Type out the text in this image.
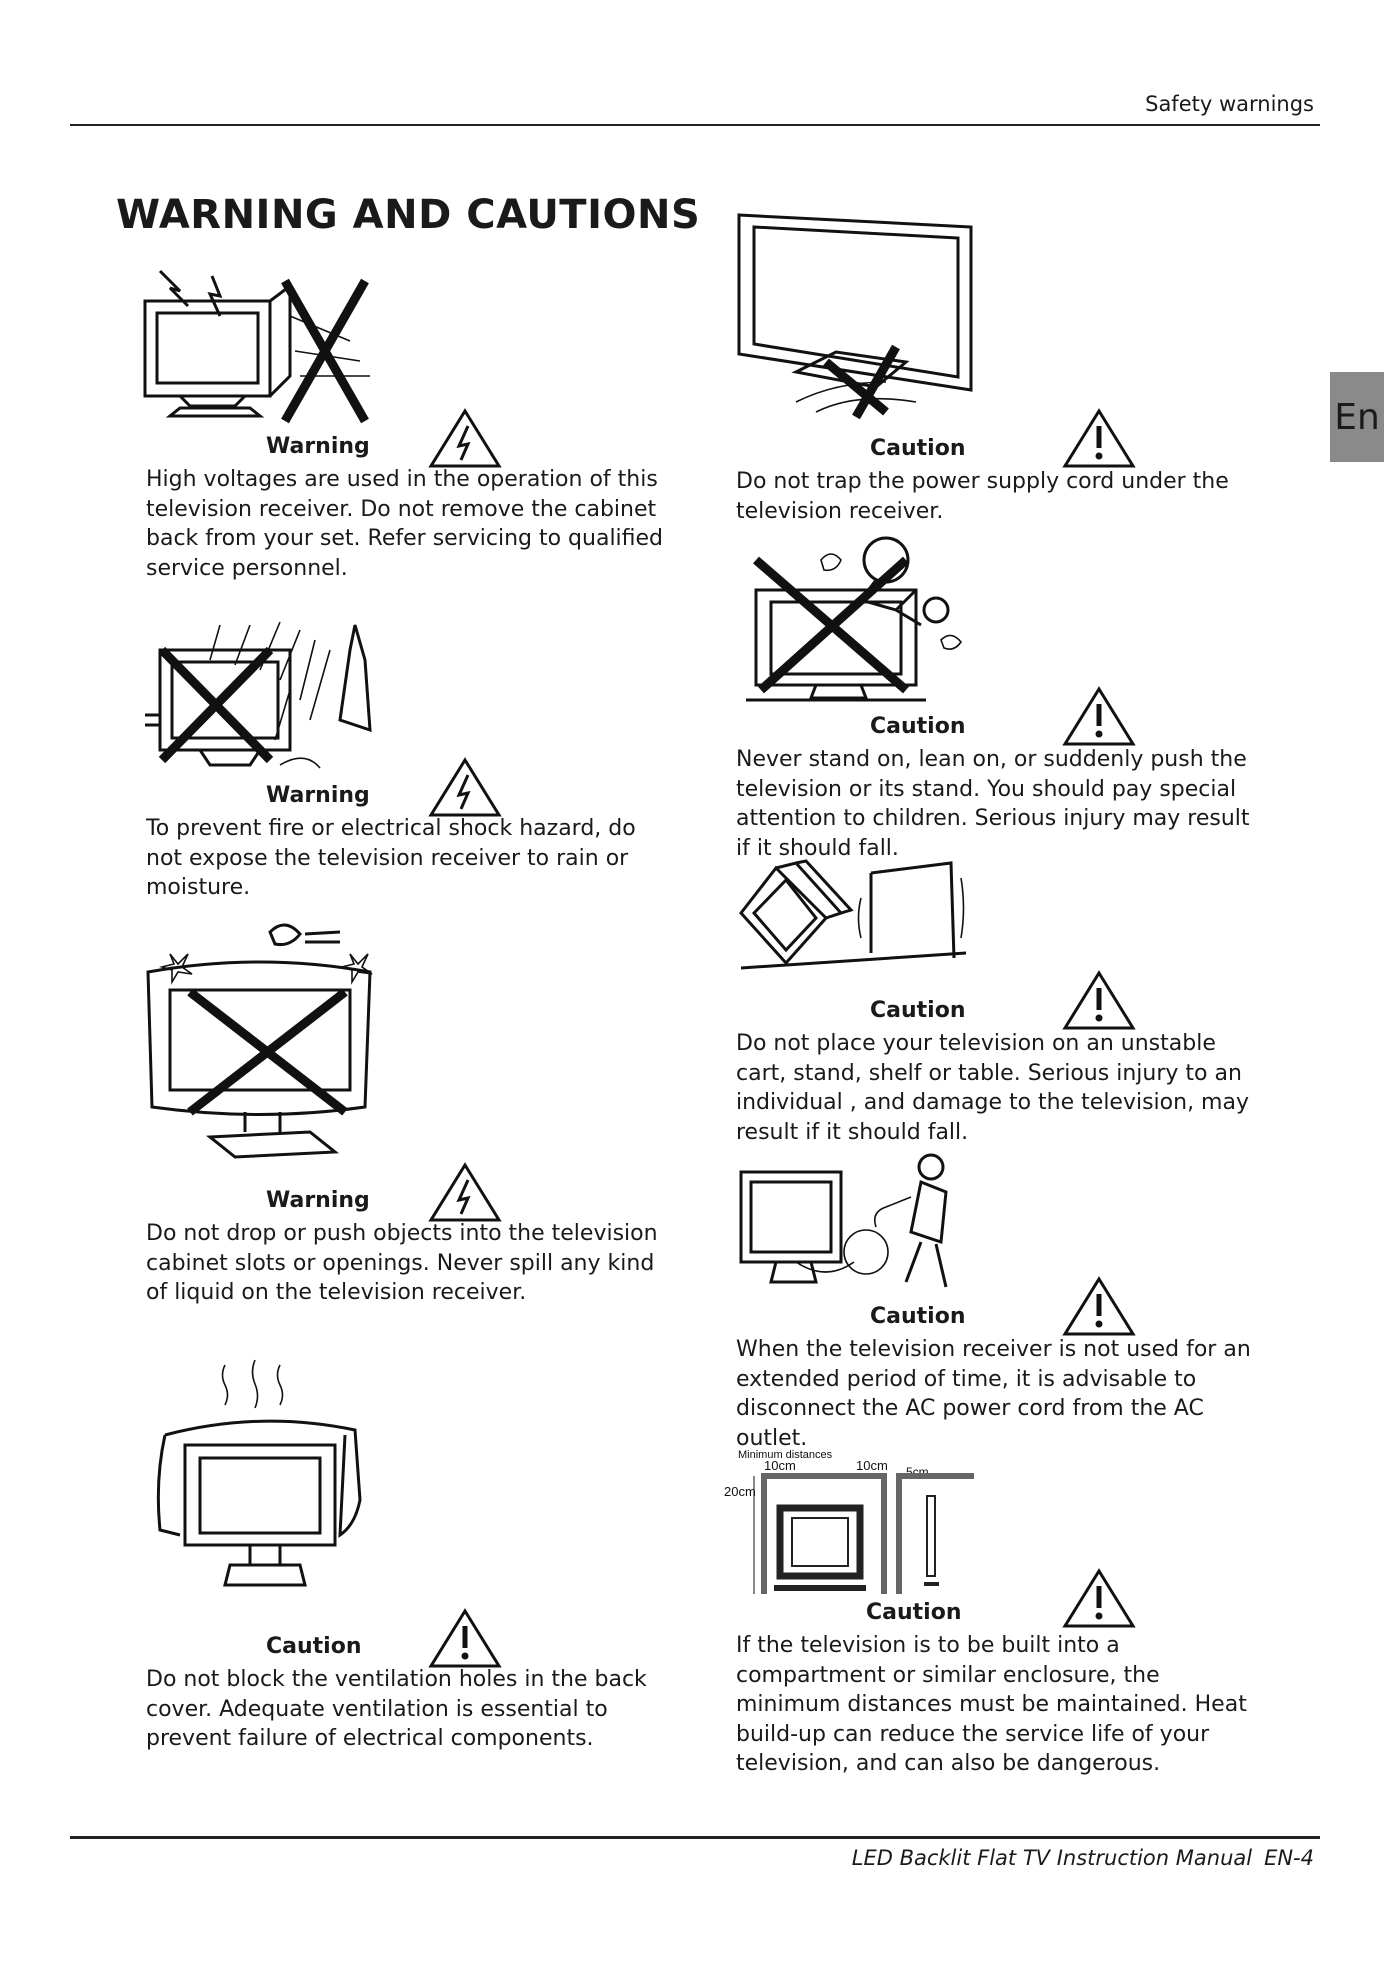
Safety warnings
WARNING AND CAUTIONS
En
Warning
High voltages are used in the operation of this television receiver. Do not remove the cabinet back from your set. Refer servicing to qualified service personnel.
Warning
To prevent fire or electrical shock hazard, do not expose the television receiver to rain or moisture.
Warning
Do not drop or push objects into the television cabinet slots or openings. Never spill any kind of liquid on the television receiver.
Caution
Do not block the ventilation holes in the back cover. Adequate ventilation is essential to prevent failure of electrical components.
Caution
Do not trap the power supply cord under the television receiver.
Caution
Never stand on, lean on, or suddenly push the television or its stand. You should pay special attention to children. Serious injury may result if it should fall.
Caution
Do not place your television on an unstable cart, stand, shelf or table. Serious injury to an individual , and damage to the television, may result if it should fall.
Caution
When the television receiver is not used for an extended period of time, it is advisable to disconnect the AC power cord from the AC outlet.
Minimum distances
10cm	10cm 5cm
20cm
Caution
If the television is to be built into a compartment or similar enclosure, the minimum distances must be maintained. Heat build-up can reduce the service life of your television, and can also be dangerous.
LED Backlit Flat TV Instruction Manual EN-4
